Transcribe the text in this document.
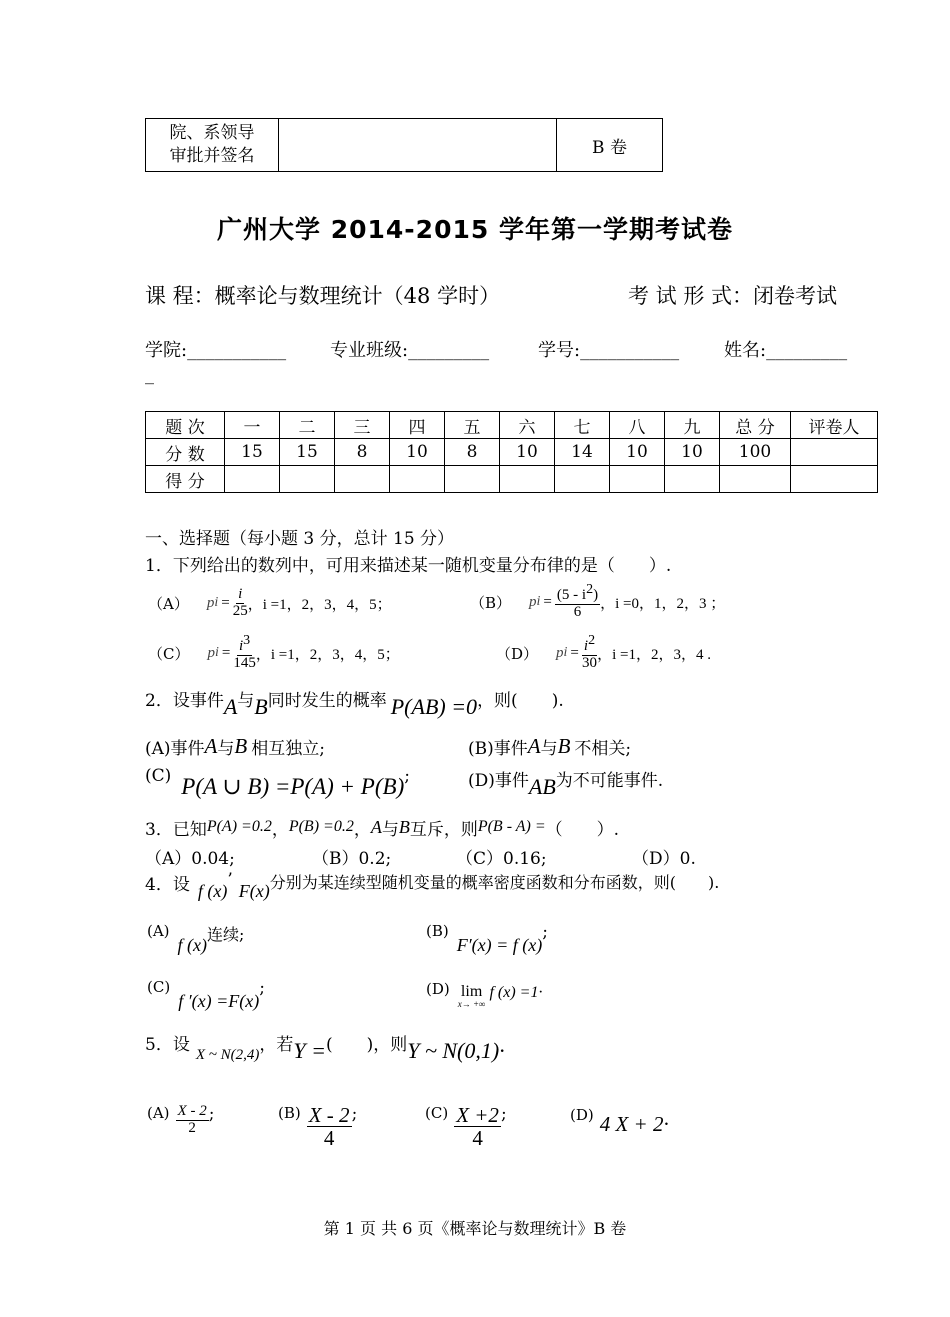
院、系领导
审批并签名		B 卷
广州大学 2014-2015 学年第一学期考试卷
课 程：概率论与数理统计（48 学时）	考 试 形 式：闭卷考试
学院:___________ 专业班级:_________	学号:___________ 姓名:_________
_
题 次	一	二	三	四	五	六	七	八	九	总 分	评卷人
分 数	15	15	8	10	8	10	14	10	10	100	
得 分											
一、选择题（每小题 3 分，总计 15 分）
1．下列给出的数列中，可用来描述某一随机变量分布律的是（　　）.
（A） p $i = \frac{i}{25}$ ，i =1，2，3，4，5；	（B） p $i = \frac{(5 - i^2)}{6}$ ，i =0，1，2，3 ；
（C） p $i = \frac{i^3}{145}$ ，i =1，2，3，4，5；	（D） p $i = \frac{i^2}{30}$ ，i =1，2，3，4 .
2．设事件 A 与 B 同时发生的概率 P(AB) =0 ，则(　　).
(A)事件 A 与 B 相互独立;	(B)事件 A 与 B 不相关;
(C) P(A ∪ B) =P(A) + P(B) ;	(D)事件 AB 为不可能事件.
3．已知 P(A) =0.2 ， P(B) =0.2 ， A 与 B 互斥，则 P(B - A) = （　　）.
（A）0.04;	（B）0.2;	（C）0.16;	（D）0.
4．设 f (x)
’
F(x) 分别为某连续型随机变量的概率密度函数和分布函数，则(　　).
(A)
f (x)
连续;	(B)
F′(x) = f (x)
;
(C)
f ′(x) =F(x)
;	(D) lim
x→ +∞
f (x) =1·
5．设 X ~ N(2,4) ，若 Y = (　　)，则 Y ~ N(0,1)·
$(A) \frac{X - 2}{2}$ ;	$(B) \frac{X - 2}{4}$ ;	$(C) \frac{X +2}{4}$ ;	(D) 4 X + 2·
第 1 页 共 6 页《概率论与数理统计》B 卷
